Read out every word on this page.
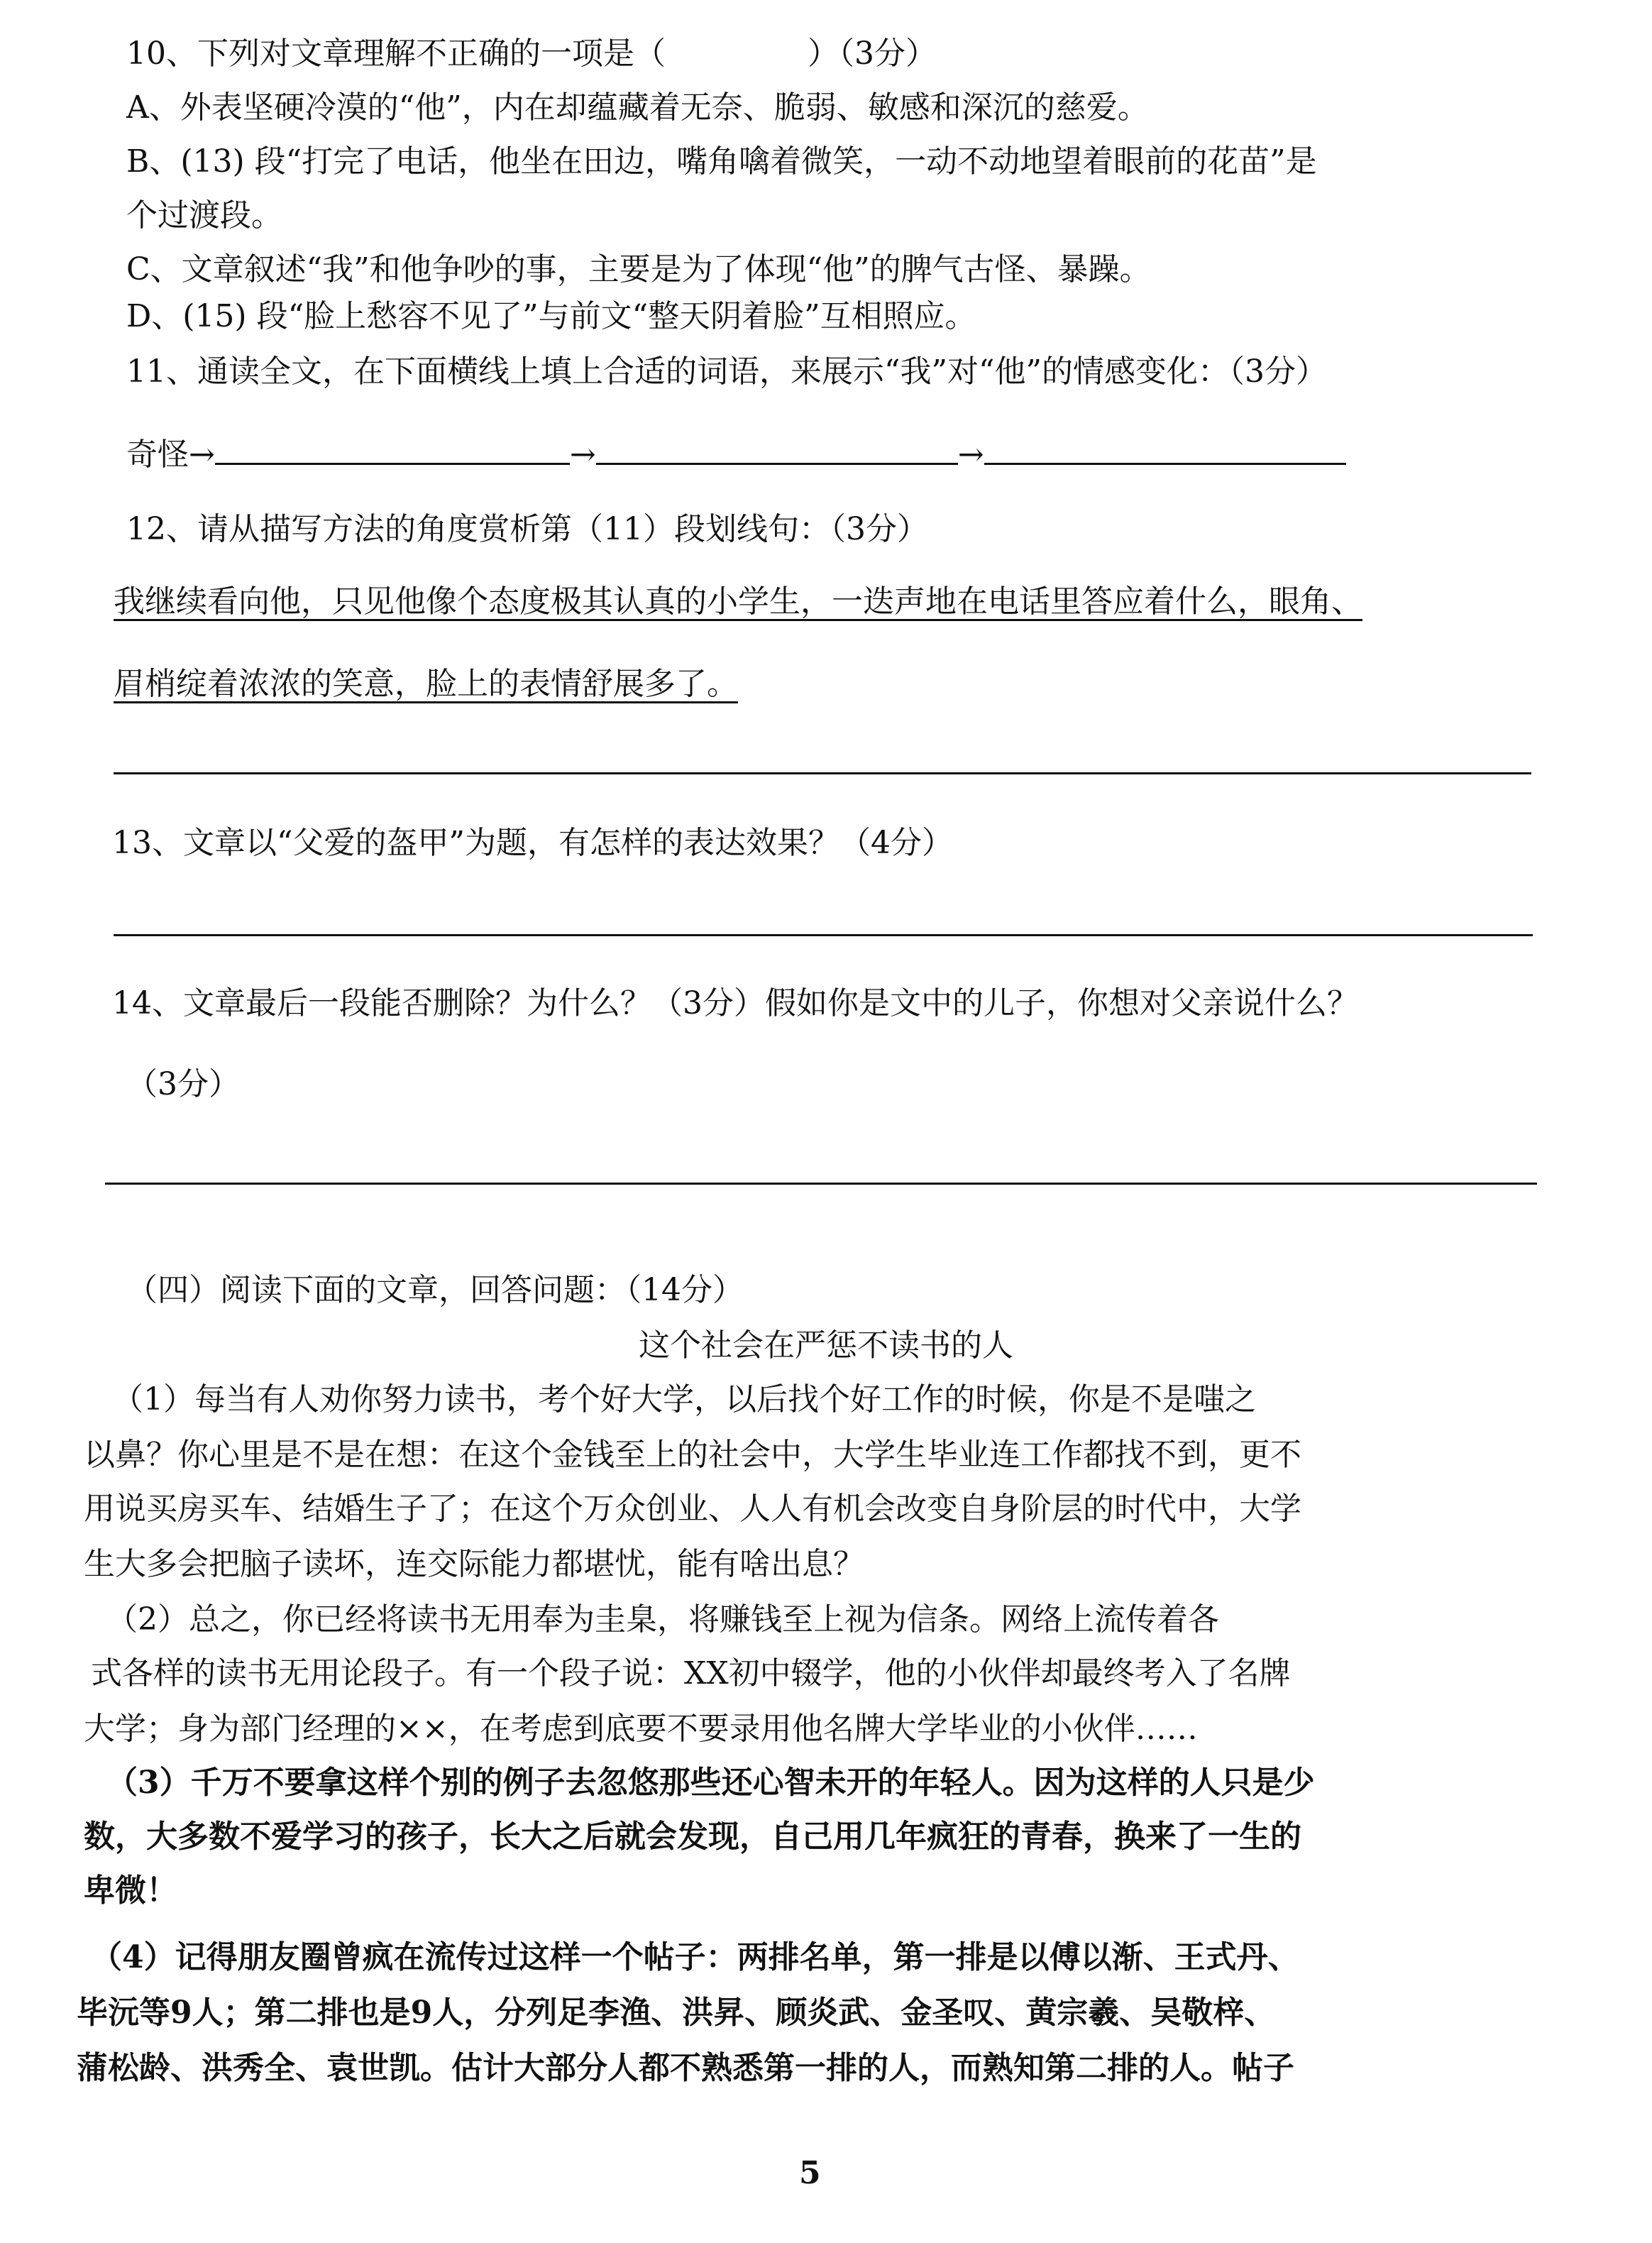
10、下列对文章理解不正确的一项是（	）（3分）
A、外表坚硬冷漠的“他”，内在却蕴藏着无奈、脆弱、敏感和深沉的慈爱。
B、(13) 段“打完了电话，他坐在田边，嘴角噙着微笑，一动不动地望着眼前的花苗”是
个过渡段。
C、文章叙述“我”和他争吵的事，主要是为了体现“他”的脾气古怪、暴躁。
D、(15) 段“脸上愁容不见了”与前文“整天阴着脸”互相照应。
11、通读全文，在下面横线上填上合适的词语，来展示“我”对“他”的情感变化：（3分）
奇怪→	→	→
12、请从描写方法的角度赏析第（11）段划线句：（3分）
我继续看向他，只见他像个态度极其认真的小学生，一迭声地在电话里答应着什么，眼角、
眉梢绽着浓浓的笑意，脸上的表情舒展多了。
13、文章以“父爱的盔甲”为题，有怎样的表达效果？（4分）
14、文章最后一段能否删除？为什么？（3分）假如你是文中的儿子，你想对父亲说什么？
（3分）
（四）阅读下面的文章，回答问题：（14分）
这个社会在严惩不读书的人
（1）每当有人劝你努力读书，考个好大学，以后找个好工作的时候，你是不是嗤之
以鼻？你心里是不是在想：在这个金钱至上的社会中，大学生毕业连工作都找不到，更不
用说买房买车、结婚生子了；在这个万众创业、人人有机会改变自身阶层的时代中，大学
生大多会把脑子读坏，连交际能力都堪忧，能有啥出息？
（2）总之，你已经将读书无用奉为圭臬，将赚钱至上视为信条。网络上流传着各
式各样的读书无用论段子。有一个段子说：XX初中辍学，他的小伙伴却最终考入了名牌
大学；身为部门经理的××，在考虑到底要不要录用他名牌大学毕业的小伙伴……
（3）千万不要拿这样个别的例子去忽悠那些还心智未开的年轻人。因为这样的人只是少
数，大多数不爱学习的孩子，长大之后就会发现，自己用几年疯狂的青春，换来了一生的
卑微！
（4）记得朋友圈曾疯在流传过这样一个帖子：两排名单，第一排是以傅以渐、王式丹、
毕沅等9人；第二排也是9人，分列足李渔、洪昇、顾炎武、金圣叹、黄宗羲、吴敬梓、
蒲松龄、洪秀全、袁世凯。估计大部分人都不熟悉第一排的人，而熟知第二排的人。帖子
5
